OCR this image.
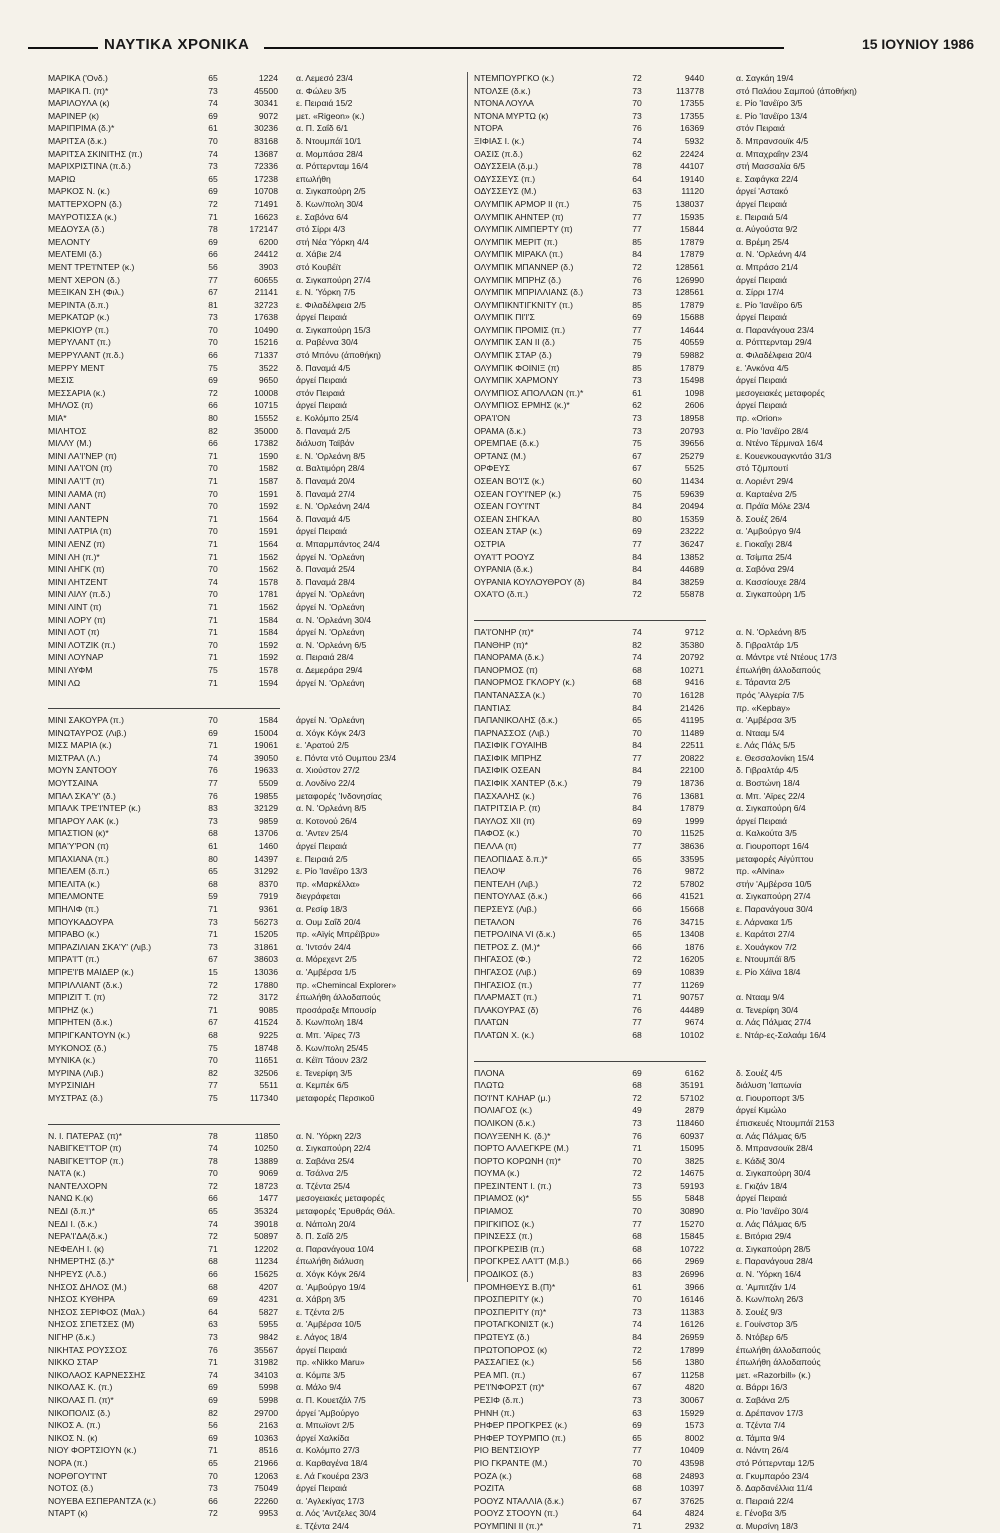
ΝΑΥΤΙΚΑ ΧΡΟΝΙΚΑ	15 ΙΟΥΝΙΟΥ 1986
ΜΑΡΙΚΑ ('Ονδ.)	65	1224 α. Λεμεσό 23/4
ΜΑΡΙΚΑ Π. (π)*	73	45500 α. Φώλευ 3/5
ΜΑΡΙΛΟΥΛΑ (κ)	74	30341 ε. Πειραιά 15/2
ΜΑΡΙΝΕΡ (κ)	69	9072 μετ. «Rigeon» (κ.)
ΜΑΡΙΠΡΙΜΑ (δ.)*	61	30236 α. Π. Σαΐδ 6/1
ΜΑΡΙΤΣΑ (δ.κ.)	70	83168 δ. Ντουμπάϊ 10/1
ΜΑΡΙΤΣΑ ΣΚΙΝΙΤΗΣ (π.)	74	13687 α. Μομπάσα 28/4
ΜΑΡΙΧΡΙΣΤΙΝΑ (π.δ.)	73	72336 α. Ρόττερνταμ 16/4
ΜΑΡΙΩ	65	17238 επωλήθη
ΜΑΡΚΟΣ Ν. (κ.)	69	10708 α. Σιγκαπούρη 2/5
ΜΑΤΤΕΡΧΟΡΝ (δ.)	72	71491 δ. Κων/πολη 30/4
ΜΑΥΡΟΤΙΣΣΑ (κ.)	71	16623 ε. Σαβόνα 6/4
ΜΕΔΟΥΣΑ (δ.)	78	172147 στό Σίρρι 4/3
ΜΕΛΟΝΤΥ	69	6200 στή Νέα 'Υόρκη 4/4
ΜΕΛΤΕΜΙ (δ.)	66	24412 α. Χάβιε 2/4
ΜΕΝΤ ΤΡΕ'Ι'ΝΤΕΡ (κ.)	56	3903 στό Κουβέϊτ
ΜΕΝΤ ΧΕΡΟΝ (δ.)	77	60655 α. Σιγκαπούρη 27/4
ΜΕΞΙΚΑΝ ΣΗ (Φιλ.)	67	21141 ε. Ν. 'Υόρκη 7/5
ΜΕΡΙΝΤΑ (δ.π.)	81	32723 ε. Φιλαδέλφεια 2/5
ΜΕΡΚΑΤΩΡ (κ.)	73	17638 άργεί Πειραιά
ΜΕΡΚΙΟΥΡ (π.)	70	10490 α. Σιγκαπούρη 15/3
ΜΕΡΥΛΑΝΤ (π.)	70	15216 α. Ραβέννα 30/4
ΜΕΡΡΥΛΑΝΤ (π.δ.)	66	71337 στό Μπόνυ (άποθήκη)
ΜΕΡΡΥ ΜΕΝΤ	75	3522 δ. Παναμά 4/5
ΜΕΣΙΣ	69	9650 άργεί Πειραιά
ΜΕΣΣΑΡΙΑ (κ.)	72	10008 στόν Πειραιά
ΜΗΛΟΣ (π)	66	10715 άργεί Πειραιά
ΜΙΑ*	80	15552 ε. Κολόμπο 25/4
ΜΙΛΗΤΟΣ	82	35000 δ. Παναμά 2/5
ΜΙΛΛΥ (Μ.)	66	17382 διάλυση Ταϊβάν
ΜΙΝΙ ΛΑ'Ι'ΝΕΡ (π)	71	1590 ε. Ν. 'Ορλεάνη 8/5
ΜΙΝΙ ΛΑ'Ι'ΟΝ (π)	70	1582 α. Βαλτιμόρη 28/4
ΜΙΝΙ ΛΑ'Ι'Τ (π)	71	1587 δ. Παναμά 20/4
ΜΙΝΙ ΛΑΜΑ (π)	70	1591 δ. Παναμά 27/4
ΜΙΝΙ ΛΑΝΤ	70	1592 ε. Ν. 'Ορλεάνη 24/4
ΜΙΝΙ ΛΑΝΤΕΡΝ	71	1564 δ. Παναμά 4/5
ΜΙΝΙ ΛΑΤΡΙΑ (π)	70	1591 άργεί Πειραιά
ΜΙΝΙ ΛΕΝΖ (π)	71	1564 α. Μπαρμπάντος 24/4
ΜΙΝΙ ΛΗ (π.)*	71	1562 άργεί Ν. 'Ορλεάνη
ΜΙΝΙ ΛΗΓΚ (π)	70	1562 δ. Παναμά 25/4
ΜΙΝΙ ΛΗΤΖΕΝΤ	74	1578 δ. Παναμά 28/4
ΜΙΝΙ ΛΙΛΥ (π.δ.)	70	1781 άργεί Ν. 'Ορλεάνη
ΜΙΝΙ ΛΙΝΤ (π)	71	1562 άργεί Ν. 'Ορλεάνη
ΜΙΝΙ ΛΟΡΥ (π)	71	1584 α. Ν. 'Ορλεάνη 30/4
ΜΙΝΙ ΛΟΤ (π)	71	1584 άργεί Ν. 'Ορλεάνη
ΜΙΝΙ ΛΟΤΖΙΚ (π.)	70	1592 α. Ν. 'Ορλεάνη 6/5
ΜΙΝΙ ΛΟΥΝΑΡ	71	1592 α. Πειραιά 28/4
ΜΙΝΙ ΛΥΦΜ	75	1578 α. Δεμεράρα 29/4
ΜΙΝΙ ΛΩ	71	1594 άργεί Ν. 'Ορλεάνη
ΜΙΝΙ ΣΑΚΟΥΡΑ (π.)	70	1584 άργεί Ν. 'Ορλεάνη
ΜΙΝΩΤΑΥΡΟΣ (Λιβ.)	69	15004 α. Χόγκ Κόγκ 24/3
ΜΙΣΣ ΜΑΡΙΑ (κ.)	71	19061 ε. 'Αρατού 2/5
ΜΙΣΤΡΑΛ (Λ.)	74	39050 ε. Πόντα ντό Ουμπου 23/4
ΜΟΥΝ ΣΑΝΤΟΟΥ	76	19633 α. Χιούστον 27/2
ΜΟΥΤΣΑΙΝΑ	77	5509 α. Λονδίνο 22/4
ΜΠΑΛ ΣΚΑ'Υ' (δ.)	76	19855 μεταφορές 'Ινδονησίας
ΜΠΑΛΚ ΤΡΕ'Ι'ΝΤΕΡ (κ.)	83	32129 α. Ν. 'Ορλεάνη 8/5
ΜΠΑΡΟΥ ΛΑΚ (κ.)	73	9859 α. Κοτονού 26/4
ΜΠΑΣΤΙΟΝ (κ)*	68	13706 α. 'Αντεν 25/4
ΜΠΑ'Υ'ΡΟΝ (π)	61	1460 άργεί Πειραιά
ΜΠΑΧΙΑΝΑ (π.)	80	14397 ε. Πειραιά 2/5
ΜΠΕΛΕΜ (δ.π.)	65	31292 ε. Ρίο 'Ιανέϊρο 13/3
ΜΠΕΛΙΤΑ (κ.)	68	8370 πρ. «Μαρκέλλα»
ΜΠΕΛΜΟΝΤΕ	59	7919 διεγράφεται
ΜΠΗΛΙΦ (π.)	71	9361 α. Ρεσίφ 18/3
ΜΠΟΥΚΑΔΟΥΡΑ	73	56273 α. Ουμ Σαΐδ 20/4
ΜΠΡΑΒΟ (κ.)	71	15205 πρ. «Αϊγίς Μπρέϊβρυ»
ΜΠΡΑΖΙΛΙΑΝ ΣΚΑ'Υ' (Λιβ.)	73	31861 α. 'Ιντσόν 24/4
ΜΠΡΑ'Ι'Τ (π.)	67	38603 α. Μόρεχεντ 2/5
ΜΠΡΕ'Ι'Β ΜΑΙΔΕΡ (κ.)	15	13036 α. 'Αμβέρσα 1/5
ΜΠΡΙΛΛΙΑΝΤ (δ.κ.)	72	17880 πρ. «Chemincal Explorer»
ΜΠΡΙΖΙΤ Τ. (π)	72	3172 έπωλήθη άλλοδαπούς
ΜΠΡΗΖ (κ.)	71	9085 προσάραξε Μπουσίρ
ΜΠΡΗΤΕΝ (δ.κ.)	67	41524 δ. Κων/πολη 18/4
ΜΠΡΙΓΚΑΝΤΟΥΝ (κ.)	68	9225 α. Μπ. 'Αϊρες 7/3
ΜΥΚΟΝΟΣ (δ.)	75	18748 δ. Κων/πολη 25/45
ΜΥΝΙΚΑ (κ.)	70	11651 α. Κέϊπ Τάουν 23/2
ΜΥΡΙΝΑ (Λιβ.)	82	32506 ε. Τενερίφη 3/5
ΜΥΡΣΙΝΙΔΗ	77	5511 α. Κεμπέκ 6/5
ΜΥΣΤΡΑΣ (δ.)	75	117340 μεταφορές Περσικοῦ
Ν. Ι. ΠΑΤΕΡΑΣ (π)*	78	11850 α. Ν. 'Υόρκη 22/3
ΝΑΒΙΓΚΕ'Ι'ΤΟΡ (π)	74	10250 α. Σιγκαπούρη 22/4
ΝΑΒΙΓΚΕ'Ι'ΤΟΡ (π.)	78	13889 α. Σαβάνα 25/4
ΝΑ'Ι'Α (κ.)	70	9069 α. Τσάλνα 2/5
ΝΑΝΤΕΛΧΟΡΝ	72	18723 α. Τζέντα 25/4
ΝΑΝΩ Κ.(κ)	66	1477 μεσογειακές μεταφορές
ΝΕΔΙ (δ.π.)*	65	35324 μεταφορές 'Ερυθράς Θάλ.
ΝΕΔΙ Ι. (δ.κ.)	74	39018 α. Νάπολη 20/4
ΝΕΡΑ'Ι'ΔΑ(δ.κ.)	72	50897 δ. Π. Σαΐδ 2/5
ΝΕΦΕΛΗ Ι. (κ)	71	12202 α. Παρανάγουα 10/4
ΝΗΜΕΡΤΗΣ (δ.)*	68	11234 έπωλήθη διάλυση
ΝΗΡΕΥΣ (Λ.δ.)	66	15625 α. Χόγκ Κόγκ 26/4
ΝΗΣΟΣ ΔΗΛΟΣ (Μ.)	68	4207 α. 'Αμβούργο 19/4
ΝΗΣΟΣ ΚΥΘΗΡΑ	69	4231 α. Χάβρη 3/5
ΝΗΣΟΣ ΣΕΡΙΦΟΣ (Μαλ.)	64	5827 ε. Τζέντα 2/5
ΝΗΣΟΣ ΣΠΕΤΣΕΣ (Μ)	63	5955 α. 'Αμβέρσα 10/5
ΝΙΓΗΡ (δ.κ.)	73	9842 ε. Λάγος 18/4
ΝΙΚΗΤΑΣ ΡΟΥΣΣΟΣ	76	35567 άργεί Πειραιά
ΝΙΚΚΟ ΣΤΑΡ	71	31982 πρ. «Nikko Maru»
ΝΙΚΟΛΑΟΣ ΚΑΡΝΕΣΣΗΣ	74	34103 α. Κόμπε 3/5
ΝΙΚΟΛΑΣ Κ. (π.)	69	5998 α. Μάλο 9/4
ΝΙΚΟΛΑΣ Π. (π)*	69	5998 α. Π. Κουετζάλ 7/5
ΝΙΚΟΠΟΛΙΣ (δ.)	82	29700 άργεί 'Αμβούργο
ΝΙΚΟΣ Α. (π.)	56	2163 α. Μπωϊοντ 2/5
ΝΙΚΟΣ Ν. (κ)	69	10363 άργεί Χαλκίδα
ΝΙΟΥ ΦΟΡΤΣΙΟΥΝ (κ.)	71	8516 α. Κολόμπο 27/3
ΝΟΡΑ (π.)	65	21966 α. Καρθαγένα 18/4
ΝΟΡΘΓΟΥ'Ι'ΝΤ	70	12063 ε. Λά Γκουέρα 23/3
ΝΟΤΟΣ (δ.)	73	75049 άργεί Πειραιά
ΝΟΥΕΒΑ ΕΣΠΕΡΑΝΤΖΑ (κ.)	66	22260 α. 'Αγλεκίγας 17/3
ΝΤΑΡΤ (κ)	72	9953 α. Λός 'Αντζελες 30/4
ε. Τζέντα 24/4
ΝΤΕΜΠΟΥΡΓΚΟ (κ.)	72	9440	α. Σαγκάη 19/4
ΝΤΟΛΣΕ (δ.κ.)	73	113778	στό Παλάου Σαμπού (άποθήκη)
ΝΤΟΝΑ ΛΟΥΛΑ	70	17355	ε. Ρίο 'Ιανέϊρο 3/5
ΝΤΟΝΑ ΜΥΡΤΩ (κ)	73	17355	ε. Ρίο 'Ιανέϊρο 13/4
ΝΤΟΡΑ	76	16369	στόν Πειραιά
ΞΙΦΙΑΣ Ι. (κ.)	74	5932	δ. Μπρανσουϊκ 4/5
ΟΑΣΙΣ (π.δ.)	62	22424	α. Μπαχραΐην 23/4
ΟΔΥΣΣΕΙΑ (δ.μ.)	78	44107	στή Μασσαλία 6/5
ΟΔΥΣΣΕΥΣ (π.)	64	19140	ε. Σαφάγκα 22/4
ΟΔΥΣΣΕΥΣ (Μ.)	63	11120	άργεί 'Αστακό
ΟΛΥΜΠΙΚ ΑΡΜΟΡ ΙΙ (π.)	75	138037	άργεί Πειραιά
ΟΛΥΜΠΙΚ ΑΗΝΤΕΡ (π)	77	15935	ε. Πειραιά 5/4
ΟΛΥΜΠΙΚ ΛΙΜΠΕΡΤΥ (π)	77	15844	α. Αύγούστα 9/2
ΟΛΥΜΠΙΚ ΜΕΡΙΤ (π.)	85	17879	α. Βρέμη 25/4
ΟΛΥΜΠΙΚ ΜΙΡΑΚΛ (π.)	84	17879	α. Ν. 'Ορλεάνη 4/4
ΟΛΥΜΠΙΚ ΜΠΑΝΝΕΡ (δ.)	72	128561	α. Μπράσο 21/4
ΟΛΥΜΠΙΚ ΜΠΡΗΖ (δ.)	76	126990	άργεί Πειραιά
ΟΛΥΜΠΙΚ ΜΠΡΙΛΛΙΑΝΣ (δ.)	73	128561	α. Σίρρι 17/4
ΟΛΥΜΠΙΚΝΤΙΓΚΝΙΤΥ (π.)	85	17879	ε. Ρίο 'Ιανέϊρο 6/5
ΟΛΥΜΠΙΚ ΠΙ'Ι'Σ	69	15688	άργεί Πειραιά
ΟΛΥΜΠΙΚ ΠΡΟΜΙΣ (π.)	77	14644	α. Παρανάγουα 23/4
ΟΛΥΜΠΙΚ ΣΑΝ ΙΙ (δ.)	75	40559	α. Ρότττερνταμ 29/4
ΟΛΥΜΠΙΚ ΣΤΑΡ (δ.)	79	59882	α. Φιλαδέλφεια 20/4
ΟΛΥΜΠΙΚ ΦΟΙΝΙΞ (π)	85	17879	ε. 'Ανκόνα 4/5
ΟΛΥΜΠΙΚ ΧΑΡΜΟΝΥ	73	15498	άργεί Πειραιά
ΟΛΥΜΠΙΟΣ ΑΠΟΛΛΩΝ (π.)*	61	1098	μεσογειακές μεταφορές
ΟΛΥΜΠΙΟΣ ΕΡΜΗΣ (κ.)*	62	2606	άργεί Πειραιά
ΟΡΑ'Ι'ΟΝ	73	18958	πρ. «Orion»
ΟΡΑΜΑ (δ.κ.)	73	20793	α. Ρίο 'Ιανέϊρο 28/4
ΟΡΕΜΠΑΕ (δ.κ.)	75	39656	α. Ντένο Τέρμιναλ 16/4
ΟΡΤΑΝΣ (Μ.)	67	25279	ε. Κουενκουαγκντάο 31/3
ΟΡΦΕΥΣ	67	5525	στό Τζιμπουτί
ΟΣΕΑΝ ΒΟ'Ι'Σ (κ.)	60	11434	α. Λοριέντ 29/4
ΟΣΕΑΝ ΓΟΥ'Ι'ΝΕΡ (κ.)	75	59639	α. Καρταένα 2/5
ΟΣΕΑΝ ΓΟΥ'Ι'ΝΤ	84	20494	α. Πράϊα Μόλε 23/4
ΟΣΕΑΝ ΣΗΓΚΑΛ	80	15359	δ. Σουέζ 26/4
ΟΣΕΑΝ ΣΤΑΡ (κ.)	69	23222	α. 'Αμβούργο 9/4
ΟΣΤΡΙΑ	77	36247	ε. Γιοκαΐχι 28/4
ΟΥΑ'Ι'Τ ΡΟΟΥΖ	84	13852	α. Τσίμπα 25/4
ΟΥΡΑΝΙΑ (δ.κ.)	84	44689	α. Σαβόνα 29/4
ΟΥΡΑΝΙΑ ΚΟΥΛΟΥΘΡΟΥ (δ)	84	38259	α. Κασσίουχε 28/4
ΟΧΑ'Ι'Ο (δ.π.)	72	55878	α. Σιγκαπούρη 1/5
ΠΑ'Ι'ΟΝΗΡ (π)*	74	9712	α. Ν. 'Ορλεάνη 8/5
ΠΑΝΘΗΡ (π)*	82	35380	δ. Γιβραλτάρ 1/5
ΠΑΝΟΡΑΜΑ (δ.κ.)	74	20792	α. Μάντρε ντέ Ντέους 17/3
ΠΑΝΟΡΜΟΣ (π)	68	10271	έπωλήθη άλλοδαπούς
ΠΑΝΟΡΜΟΣ ΓΚΛΟΡΥ (κ.)	68	9416	ε. Τάραντα 2/5
ΠΑΝΤΑΝΑΣΣΑ (κ.)	70	16128	πρός 'Αλγερία 7/5
ΠΑΝΤΙΑΣ	84	21426	πρ. «Kepbay»
ΠΑΠΑΝΙΚΟΛΗΣ (δ.κ.)	65	41195	α. 'Αμβέρσα 3/5
ΠΑΡΝΑΣΣΟΣ (Λιβ.)	70	11489	α. Ντααμ 5/4
ΠΑΣΙΦΙΚ ΓΟΥΑΙΗΒ	84	22511	ε. Λάς Πάλς 5/5
ΠΑΣΙΦΙΚ ΜΠΡΗΖ	77	20822	ε. Θεσσαλονίκη 15/4
ΠΑΣΙΦΙΚ ΟΣΕΑΝ	84	22100	δ. Γιβραλτάρ 4/5
ΠΑΣΙΦΙΚ ΧΑΝΤΕΡ (δ.κ.)	79	18736	α. Βοστώνη 18/4
ΠΑΣΧΑΛΗΣ (κ.)	76	13681	α. Μπ. 'Αϊρες 22/4
ΠΑΤΡΙΤΣΙΑ Ρ. (π)	84	17879	α. Σιγκαπούρη 6/4
ΠΑΥΛΟΣ XII (π)	69	1999	άργεί Πειραιά
ΠΑΦΟΣ (κ.)	70	11525	α. Καλκούτα 3/5
ΠΕΛΛΑ (π)	77	38636	α. Γιουροπορτ 16/4
ΠΕΛΟΠΙΔΑΣ δ.π.)*	65	33595	μεταφορές Αίγύπτου
ΠΕΛΟΨ	76	9872	πρ. «Alvina»
ΠΕΝΤΕΛΗ (Λιβ.)	72	57802	στήν 'Αμβέρσα 10/5
ΠΕΝΤΟΥΛΑΣ (δ.κ.)	66	41521	α. Σιγκαπούρη 27/4
ΠΕΡΣΕΥΣ (Λιβ.)	66	15668	ε. Παρανάγουα 30/4
ΠΕΤΑΛΟΝ	76	34715	ε. Λάρνακα 1/5
ΠΕΤΡΟΛΙΝΑ VI (δ.κ.)	65	13408	ε. Καράτσι 27/4
ΠΕΤΡΟΣ Ζ. (Μ.)*	66	1876	ε. Χουάγκον 7/2
ΠΗΓΑΣΟΣ (Φ.)	72	16205	ε. Ντουμπάϊ 8/5
ΠΗΓΑΣΟΣ (Λιβ.)	69	10839	ε. Ρίο Χάϊνα 18/4
ΠΗΓΑΣΙΟΣ (π.)	77	11269
ΠΛΑΡΜΑΣΤ (π.)	71	90757	α. Ντααμ 9/4
ΠΛΑΚΟΥΡΑΣ (δ)	76	44489	α. Τενερίφη 30/4
ΠΛΑΤΩΝ	77	9674	α. Λάς Πάλμας 27/4
ΠΛΑΤΩΝ Χ. (κ.)	68	10102	ε. Ντάρ-ες-Σαλαάμ 16/4
ΠΛΟΝΑ	69	6162	δ. Σουέζ 4/5
ΠΛΩΤΩ	68	35191	διάλυση 'Ιαπωνία
ΠΟ'Ι'ΝΤ ΚΛΗΑΡ (μ.)	72	57102	α. Γιουροπορτ 3/5
ΠΟΛΙΑΓΟΣ (κ.)	49	2879	άργεί Κιμώλο
ΠΟΛΙΚΟΝ (δ.κ.)	73	118460	έπισκευές Ντουμπάϊ 2153
ΠΟΛΥΞΕΝΗ Κ. (δ.)*	76	60937	α. Λάς Πάλμας 6/5
ΠΟΡΤΟ ΑΛΛΕΓΚΡΕ (Μ.)	71	15095	δ. Μπρανσουϊκ 28/4
ΠΟΡΤΟ ΚΟΡΩΝΗ (π)*	70	3825	ε. Κάδιξ 30/4
ΠΟΥΜΑ (κ.)	72	14675	α. Σιγκαπούρη 30/4
ΠΡΕΣΙΝΤΕΝΤ Ι. (π.)	73	59193	ε. Γκιζάν 18/4
ΠΡΙΑΜΟΣ (κ)*	55	5848	άργεί Πειραιά
ΠΡΙΑΜΟΣ	70	30890	α. Ρίο 'Ιανέϊρο 30/4
ΠΡΙΓΚΙΠΟΣ (κ.)	77	15270	α. Λάς Πάλμας 6/5
ΠΡΙΝΣΕΣΣ (π.)	68	15845	ε. Βιτόρια 29/4
ΠΡΟΓΚΡΕΣΙΒ (π.)	68	10722	α. Σιγκαπούρη 28/5
ΠΡΟΓΚΡΕΣ ΛΑ'Ι'Τ (Μ.β.)	66	2969	ε. Παρανάγουα 28/4
ΠΡΟΔΙΚΟΣ (δ.)	83	26996	α. Ν. 'Υόρκη 16/4
ΠΡΟΜΗΘΕΥΣ Β.(Π)*	61	3966	α. 'Αμπιτζάν 1/4
ΠΡΟΣΠΕΡΙΤΥ (κ.)	70	16146	δ. Κων/πολη 26/3
ΠΡΟΣΠΕΡΙΤΥ (π)*	73	11383	δ. Σουέζ 9/3
ΠΡΟΤΑΓΚΟΝΙΣΤ (κ.)	74	16126	ε. Γουίνστορ 3/5
ΠΡΩΤΕΥΣ (δ.)	84	26959	δ. Ντόβερ 6/5
ΠΡΩΤΟΠΟΡΟΣ (κ)	72	17899	έπωλήθη άλλοδαπούς
ΡΑΣΣΑΓΙΕΣ (κ.)	56	1380	έπωλήθη άλλοδαπούς
ΡΕΑ ΜΠ. (π.)	67	11258	μετ. «Razorbill» (κ.)
ΡΕ'Ι'ΝΦΟΡΣΤ (π)*	67	4820	α. Βάρρι 16/3
ΡΕΣΙΦ (δ.π.)	73	30067	α. Σαβάνα 2/5
ΡΗΝΗ (π.)	63	15929	α. Δρέπανον 17/3
ΡΗΦΕΡ ΠΡΟΓΚΡΕΣ (κ.)	69	1573	α. Τζέντα 7/4
ΡΗΦΕΡ ΤΟΥΡΜΠΟ (π.)	65	8002	α. Τάμπα 9/4
ΡΙΟ ΒΕΝΤΣΙΟΥΡ	77	10409	α. Νάντη 26/4
ΡΙΟ ΓΚΡΑΝΤΕ (Μ.)	70	43598	στό Ρόττερνταμ 12/5
ΡΟΖΑ (κ.)	68	24893	α. Γκυμπαρόο 23/4
ΡΟΖΙΤΑ	68	10397	δ. Δαρδανέλλια 11/4
ΡΟΟΥΖ ΝΤΑΛΛΙΑ (δ.κ.)	67	37625	α. Πειραιά 22/4
ΡΟΟΥΖ ΣΤΟΟΥΝ (π.)	64	4824	ε. Γένοβα 3/5
ΡΟΥΜΠΙΝΙ ΙΙ (π.)*	71	2932	α. Μυρσίνη 18/3
